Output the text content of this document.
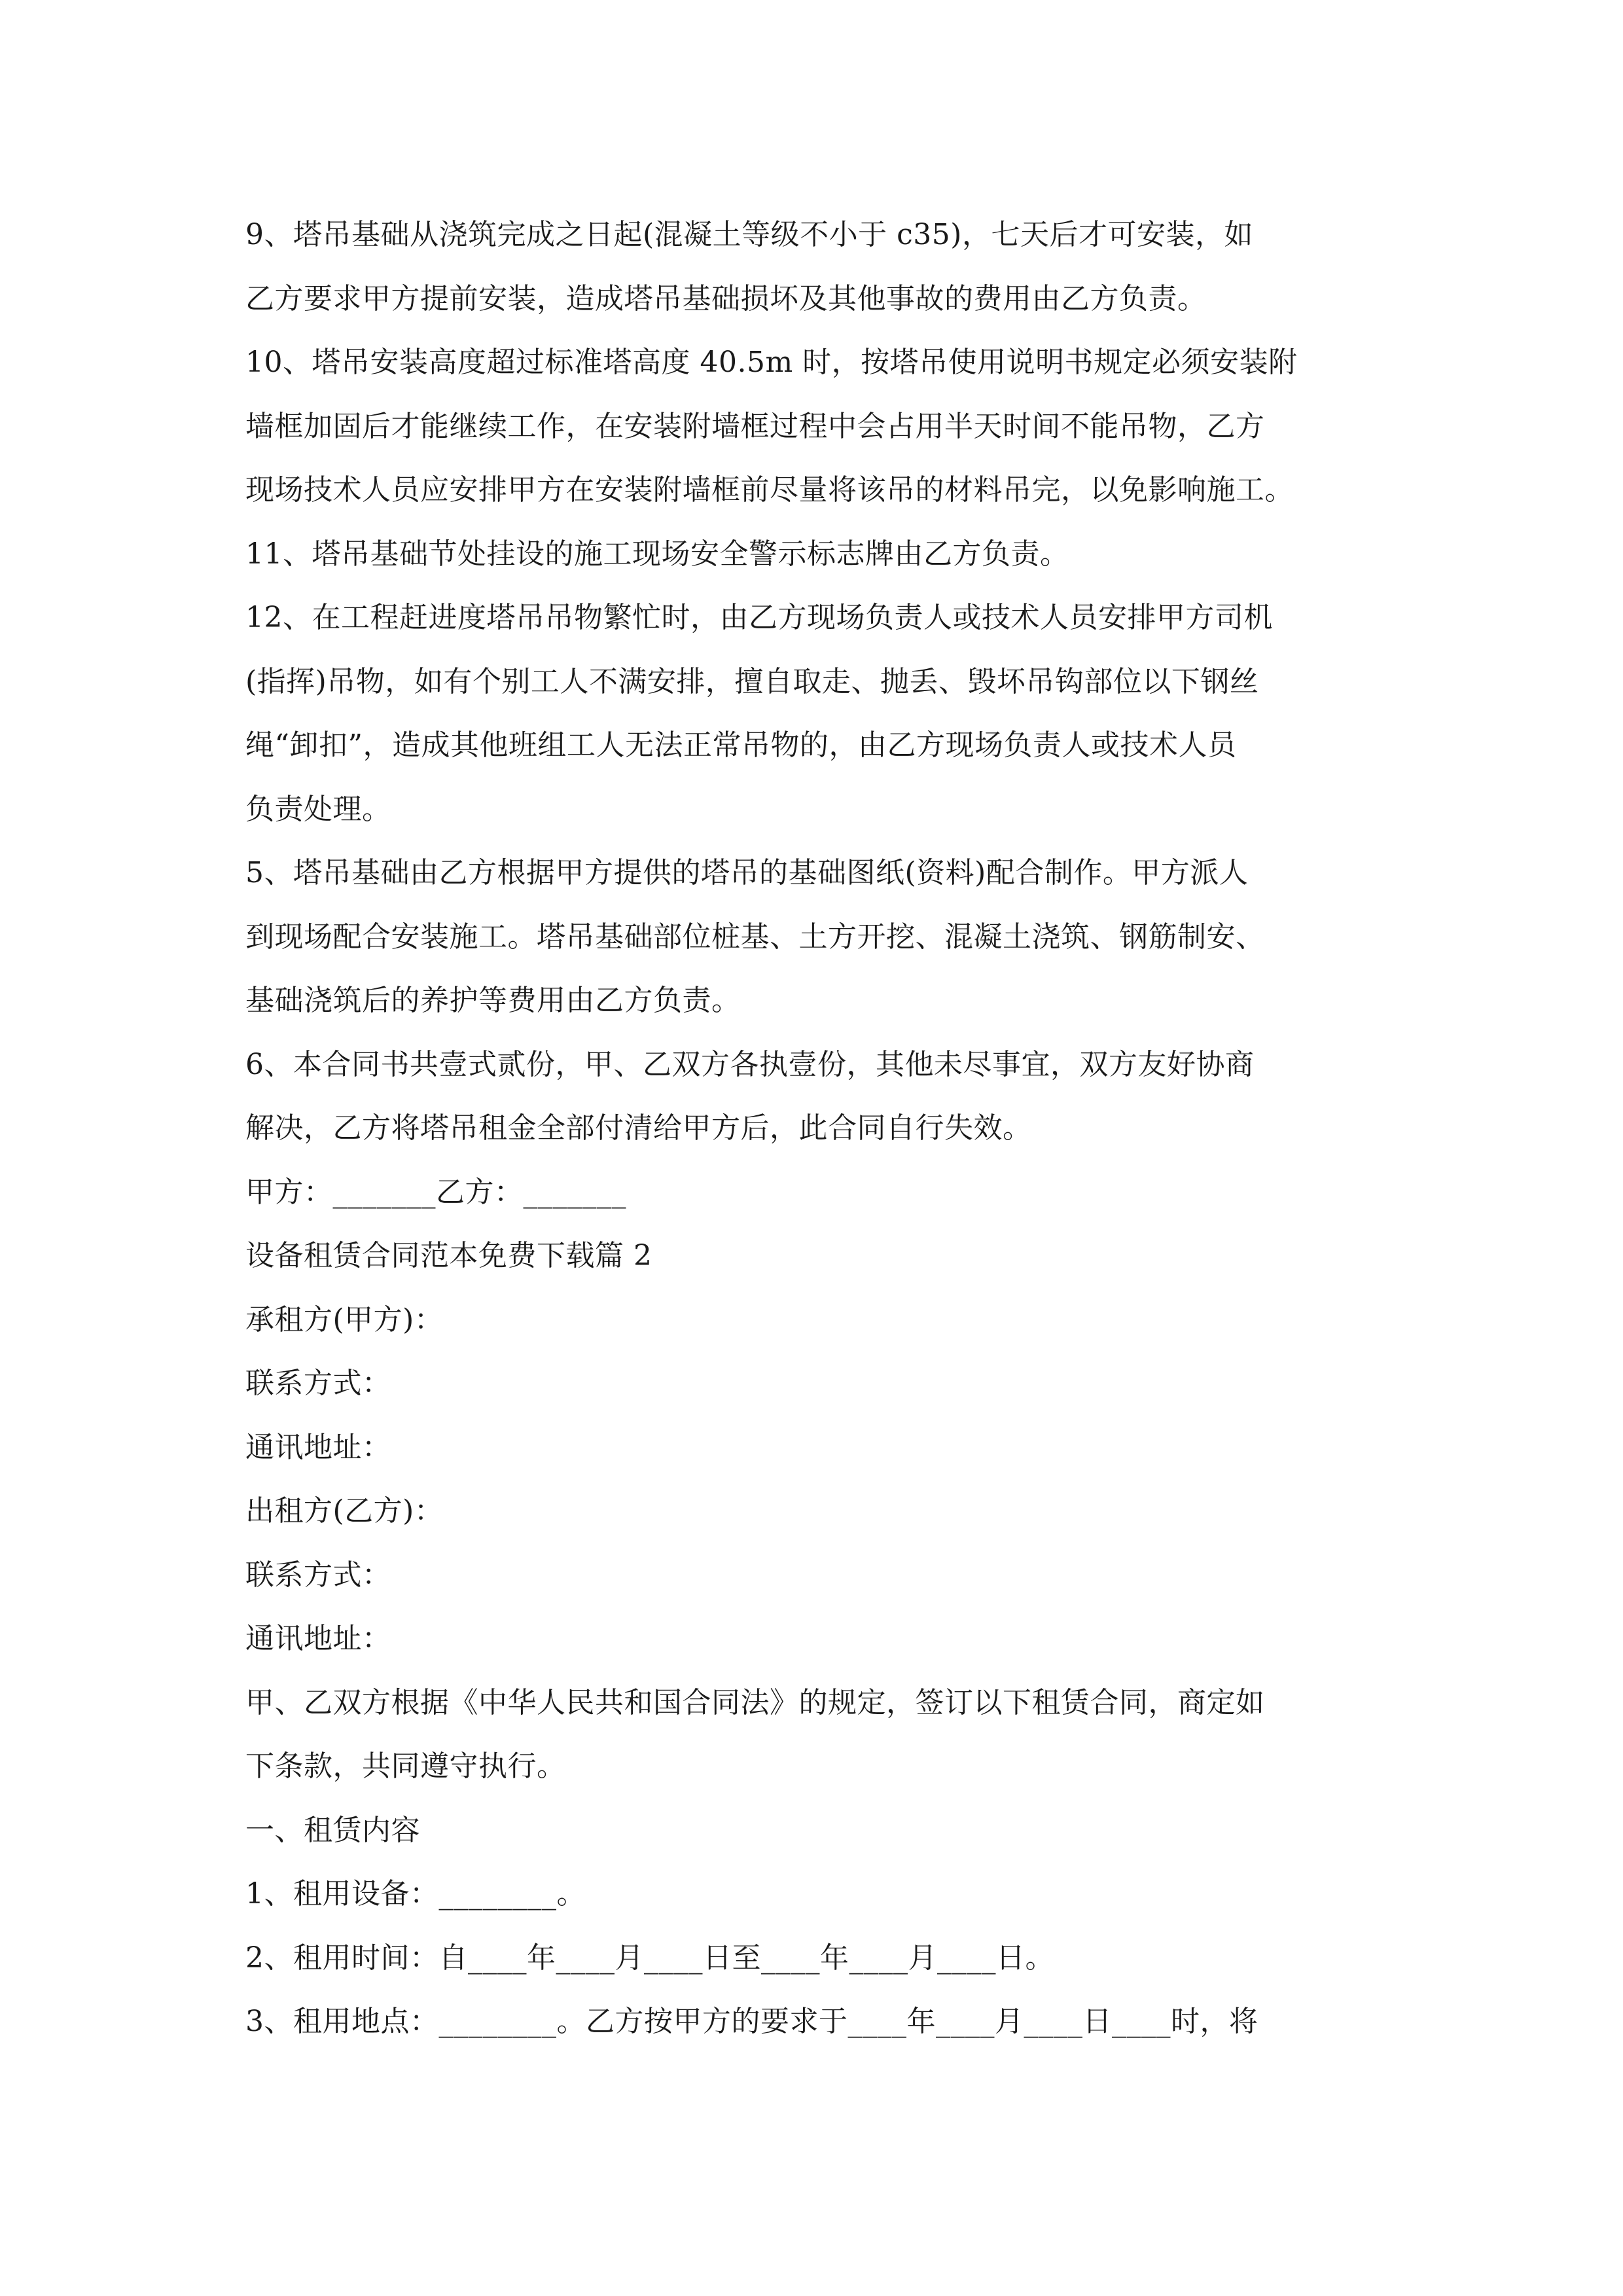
9、塔吊基础从浇筑完成之日起(混凝土等级不小于 c35)，七天后才可安装，如
乙方要求甲方提前安装，造成塔吊基础损坏及其他事故的费用由乙方负责。
10、塔吊安装高度超过标准塔高度 40.5m 时，按塔吊使用说明书规定必须安装附
墙框加固后才能继续工作，在安装附墙框过程中会占用半天时间不能吊物，乙方
现场技术人员应安排甲方在安装附墙框前尽量将该吊的材料吊完，以免影响施工。
11、塔吊基础节处挂设的施工现场安全警示标志牌由乙方负责。
12、在工程赶进度塔吊吊物繁忙时，由乙方现场负责人或技术人员安排甲方司机
(指挥)吊物，如有个别工人不满安排，擅自取走、抛丢、毁坏吊钩部位以下钢丝
绳“卸扣”，造成其他班组工人无法正常吊物的，由乙方现场负责人或技术人员
负责处理。
5、塔吊基础由乙方根据甲方提供的塔吊的基础图纸(资料)配合制作。甲方派人
到现场配合安装施工。塔吊基础部位桩基、土方开挖、混凝土浇筑、钢筋制安、
基础浇筑后的养护等费用由乙方负责。
6、本合同书共壹式贰份，甲、乙双方各执壹份，其他未尽事宜，双方友好协商
解决，乙方将塔吊租金全部付清给甲方后，此合同自行失效。
甲方：_______乙方：_______
设备租赁合同范本免费下载篇 2
承租方(甲方)：
联系方式：
通讯地址：
出租方(乙方)：
联系方式：
通讯地址：
甲、乙双方根据《中华人民共和国合同法》的规定，签订以下租赁合同，商定如
下条款，共同遵守执行。
一、租赁内容
1、租用设备：________。
2、租用时间：自____年____月____日至____年____月____日。
3、租用地点：________。乙方按甲方的要求于____年____月____日____时，将
